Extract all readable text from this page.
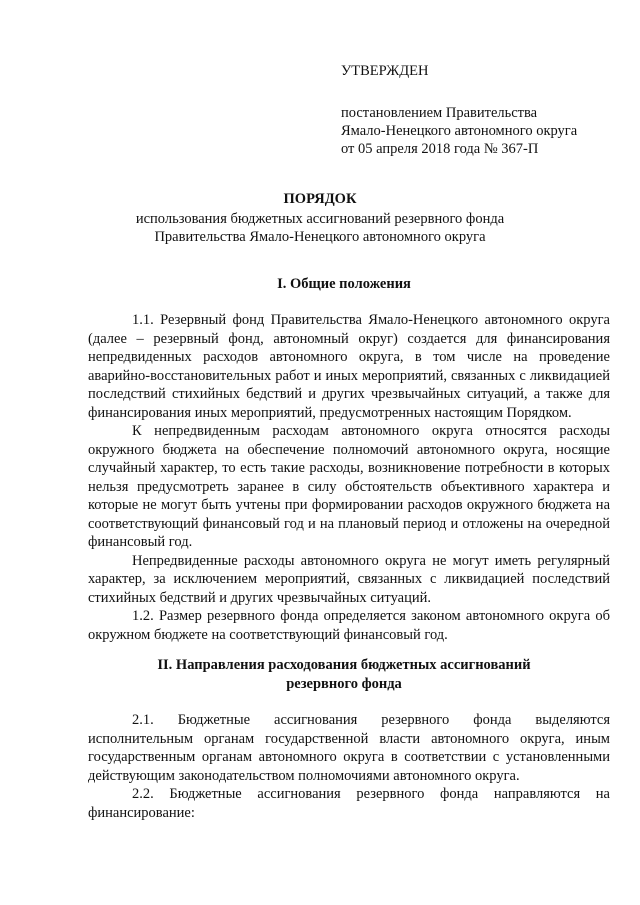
УТВЕРЖДЕН
постановлением Правительства
Ямало-Ненецкого автономного округа
от 05 апреля 2018 года № 367-П
ПОРЯДОК
использования бюджетных ассигнований резервного фонда
Правительства Ямало-Ненецкого автономного округа
I. Общие положения

1.1. Резервный фонд Правительства Ямало-Ненецкого автономного округа (далее – резервный фонд, автономный округ) создается для финансирования непредвиденных расходов автономного округа, в том числе на проведение аварийно-восстановительных работ и иных мероприятий, связанных с ликвидацией последствий стихийных бедствий и других чрезвычайных ситуаций, а также для финансирования иных мероприятий, предусмотренных настоящим Порядком.

К непредвиденным расходам автономного округа относятся расходы окружного бюджета на обеспечение полномочий автономного округа, носящие случайный характер, то есть такие расходы, возникновение потребности в которых нельзя предусмотреть заранее в силу обстоятельств объективного характера и которые не могут быть учтены при формировании расходов окружного бюджета на соответствующий финансовый год и на плановый период и отложены на очередной финансовый год.

Непредвиденные расходы автономного округа не могут иметь регулярный характер, за исключением мероприятий, связанных с ликвидацией последствий стихийных бедствий и других чрезвычайных ситуаций.

1.2. Размер резервного фонда определяется законом автономного округа об окружном бюджете на соответствующий финансовый год.

II. Направления расходования бюджетных ассигнований
резервного фонда

2.1. Бюджетные ассигнования резервного фонда выделяются исполнительным органам государственной власти автономного округа, иным государственным органам автономного округа в соответствии с установленными действующим законодательством полномочиями автономного округа.

2.2. Бюджетные ассигнования резервного фонда направляются на финансирование:
